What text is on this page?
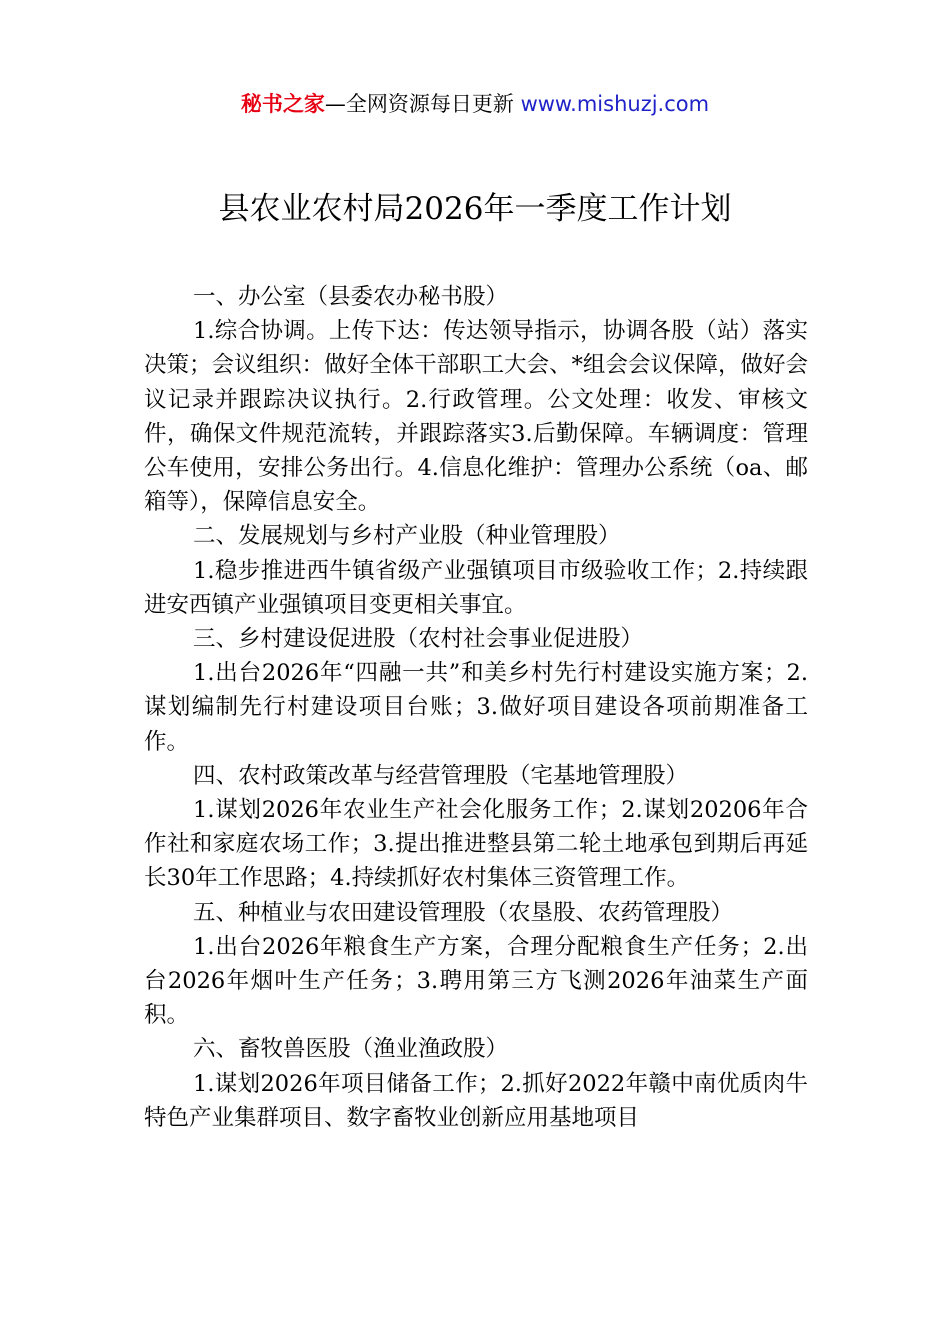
秘书之家—全网资源每日更新 www.mishuzj.com
县农业农村局2026年一季度工作计划

一、办公室（县委农办秘书股）

1.综合协调。上传下达：传达领导指示，协调各股（站）落实决策；会议组织：做好全体干部职工大会、*组会会议保障，做好会议记录并跟踪决议执行。2.行政管理。公文处理：收发、审核文件，确保文件规范流转，并跟踪落实3.后勤保障。车辆调度：管理公车使用，安排公务出行。4.信息化维护：管理办公系统（oa、邮箱等），保障信息安全。

二、发展规划与乡村产业股（种业管理股）

1.稳步推进西牛镇省级产业强镇项目市级验收工作；2.持续跟进安西镇产业强镇项目变更相关事宜。

三、乡村建设促进股（农村社会事业促进股）

1.出台2026年“四融一共”和美乡村先行村建设实施方案；2.谋划编制先行村建设项目台账；3.做好项目建设各项前期准备工作。

四、农村政策改革与经营管理股（宅基地管理股）

1.谋划2026年农业生产社会化服务工作；2.谋划20206年合作社和家庭农场工作；3.提出推进整县第二轮土地承包到期后再延长30年工作思路；4.持续抓好农村集体三资管理工作。

五、种植业与农田建设管理股（农垦股、农药管理股）

1.出台2026年粮食生产方案，合理分配粮食生产任务；2.出台2026年烟叶生产任务；3.聘用第三方飞测2026年油菜生产面积。

六、畜牧兽医股（渔业渔政股）

1.谋划2026年项目储备工作；2.抓好2022年赣中南优质肉牛特色产业集群项目、数字畜牧业创新应用基地项目
